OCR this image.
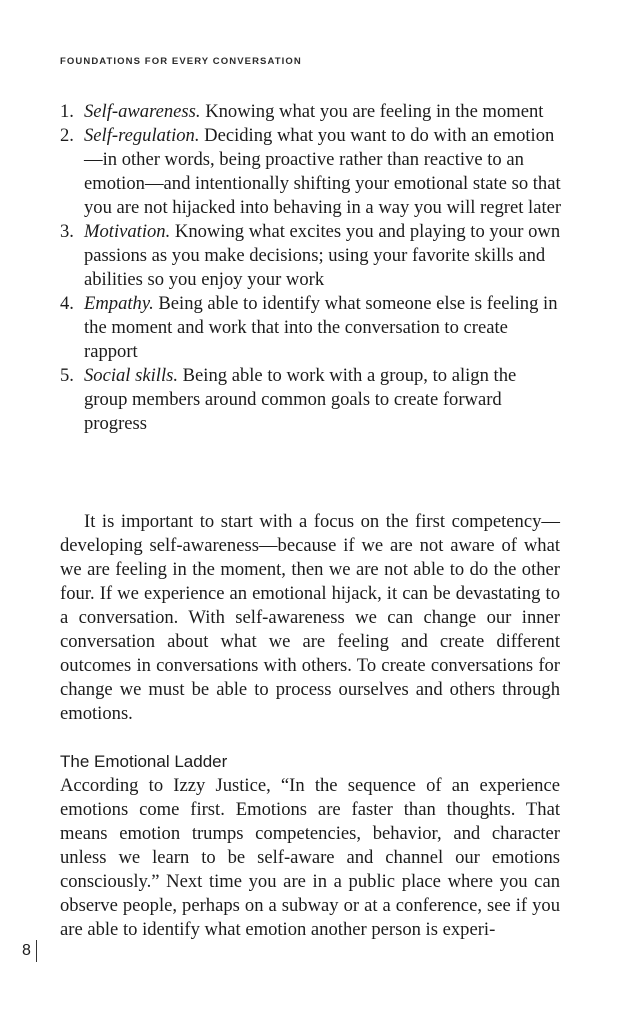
FOUNDATIONS FOR EVERY CONVERSATION
1. Self-awareness. Knowing what you are feeling in the moment
2. Self-regulation. Deciding what you want to do with an emotion—in other words, being proactive rather than reactive to an emotion—and intentionally shifting your emotional state so that you are not hijacked into behaving in a way you will regret later
3. Motivation. Knowing what excites you and playing to your own passions as you make decisions; using your favorite skills and abilities so you enjoy your work
4. Empathy. Being able to identify what someone else is feeling in the moment and work that into the conversation to create rapport
5. Social skills. Being able to work with a group, to align the group members around common goals to create forward progress

It is important to start with a focus on the first competency—developing self-awareness—because if we are not aware of what we are feeling in the moment, then we are not able to do the other four. If we experience an emotional hijack, it can be devastating to a conversation. With self-awareness we can change our inner conversation about what we are feeling and create different outcomes in conversations with others. To create conversations for change we must be able to process ourselves and others through emotions.

The Emotional Ladder

According to Izzy Justice, “In the sequence of an experience emotions come first. Emotions are faster than thoughts. That means emotion trumps competencies, behavior, and character unless we learn to be self-aware and channel our emotions consciously.” Next time you are in a public place where you can observe people, perhaps on a subway or at a conference, see if you are able to identify what emotion another person is experi-

8
